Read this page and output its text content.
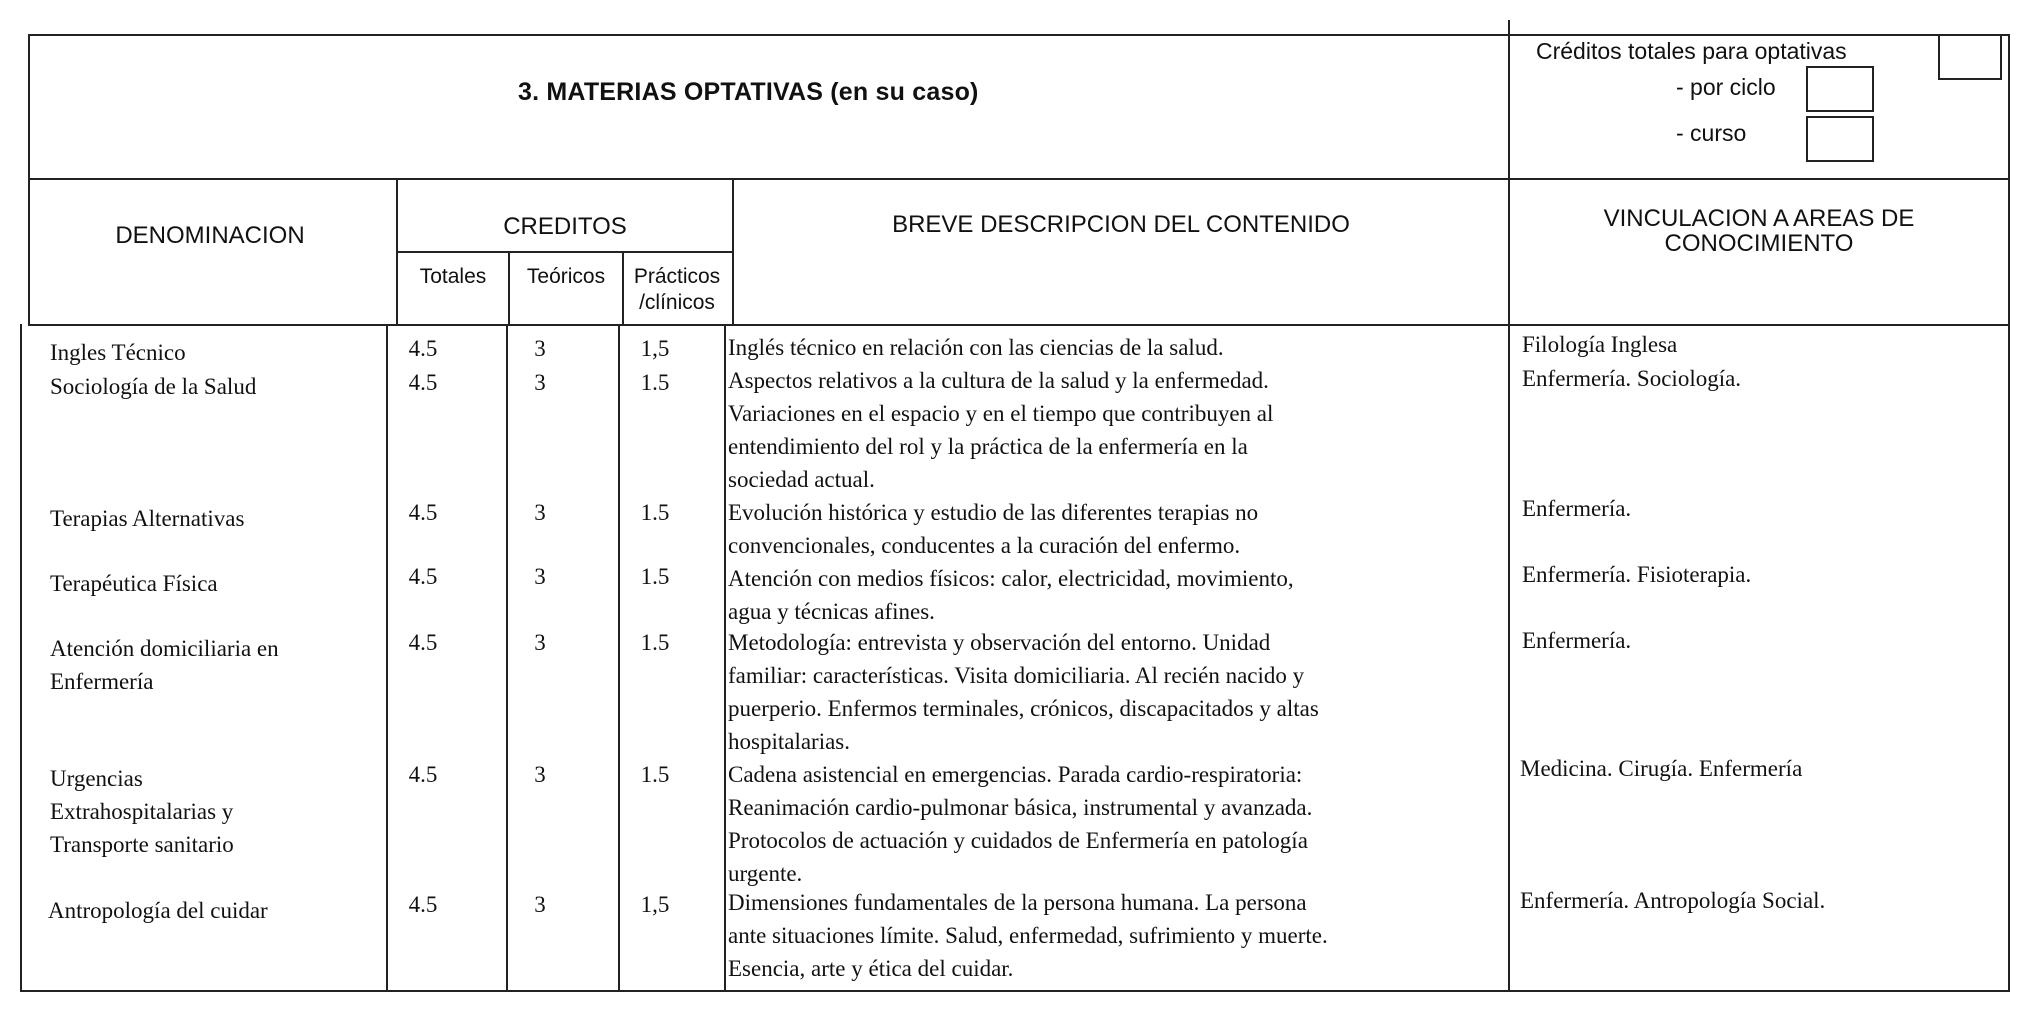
3. MATERIAS OPTATIVAS (en su caso)
Créditos totales para optativas
- por ciclo
- curso
DENOMINACION	CREDITOS
Totales	Teóricos	Prácticos
/clínicos
BREVE DESCRIPCION DEL CONTENIDO	VINCULACION A AREAS DE
CONOCIMIENTO
Ingles Técnico	4.5	3	1,5	Inglés técnico en relación con las ciencias de la salud.	Filología Inglesa
Sociología de la Salud	4.5	3	1.5	Aspectos relativos a la cultura de la salud y la enfermedad.
Variaciones en el espacio y en el tiempo que contribuyen al
entendimiento del rol y la práctica de la enfermería en la
sociedad actual.
Enfermería. Sociología.
Terapias Alternativas	4.5	3	1.5	Evolución histórica y estudio de las diferentes terapias no
convencionales, conducentes a la curación del enfermo.
Enfermería.
Terapéutica Física	4.5	3	1.5	Atención con medios físicos: calor, electricidad, movimiento,
agua y técnicas afines.
Enfermería. Fisioterapia.
Atención domiciliaria en
Enfermería
4.5	3	1.5	Metodología: entrevista y observación del entorno. Unidad
familiar: características. Visita domiciliaria. Al recién nacido y
puerperio. Enfermos terminales, crónicos, discapacitados y altas
hospitalarias.
Enfermería.
Urgencias
Extrahospitalarias y
Transporte sanitario
4.5	3	1.5	Cadena asistencial en emergencias. Parada cardio-respiratoria:
Reanimación cardio-pulmonar básica, instrumental y avanzada.
Protocolos de actuación y cuidados de Enfermería en patología
urgente.
Medicina. Cirugía. Enfermería
Antropología del cuidar	4.5	3	1,5	Dimensiones fundamentales de la persona humana. La persona
ante situaciones límite. Salud, enfermedad, sufrimiento y muerte.
Esencia, arte y ética del cuidar.
Enfermería. Antropología Social.
